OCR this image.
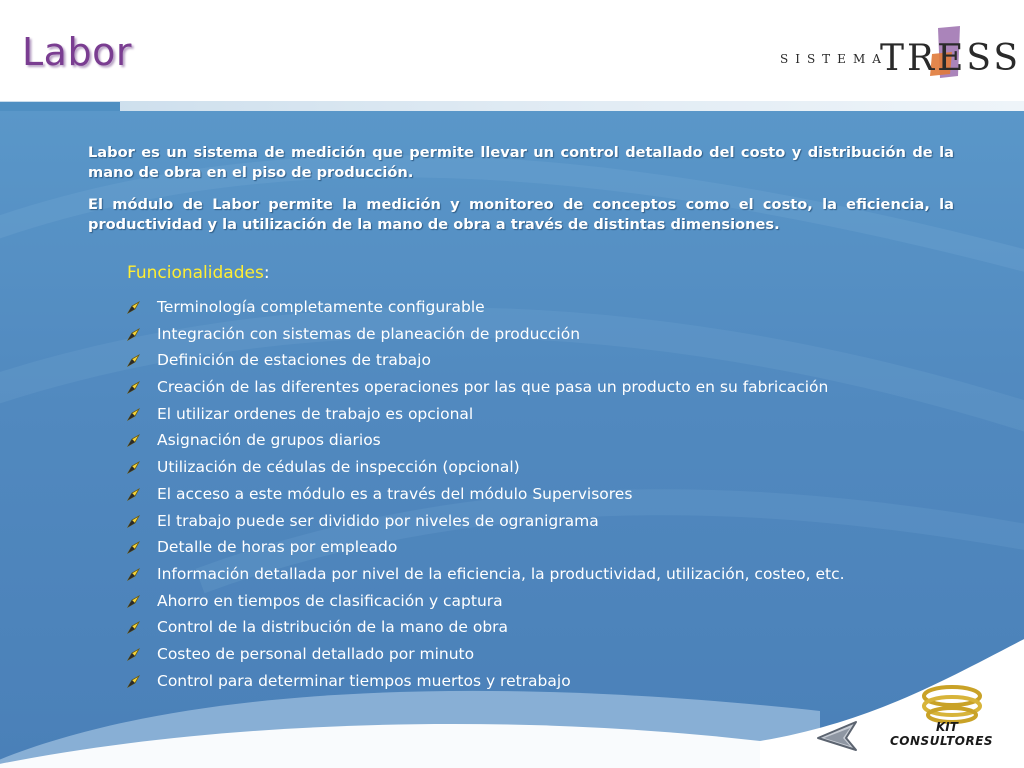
Labor	SISTEMA
TRESS

Labor es un sistema de medición que permite llevar un control detallado del costo y distribución de la mano de obra en el piso de producción.

El módulo de Labor permite la medición y monitoreo de conceptos como el costo, la eficiencia, la productividad y la utilización de la mano de obra a través de distintas dimensiones.

Funcionalidades:
Terminología completamente configurable
Integración con sistemas de planeación de producción
Definición de estaciones de trabajo
Creación de las diferentes operaciones por las que pasa un producto en su fabricación
El utilizar ordenes de trabajo es opcional
Asignación de grupos diarios
Utilización de cédulas de inspección (opcional)
El acceso a este módulo es a través del módulo Supervisores
El trabajo puede ser dividido por niveles de ogranigrama
Detalle de horas por empleado
Información detallada por nivel de la eficiencia, la productividad, utilización, costeo, etc.
Ahorro en tiempos de clasificación y captura
Control de la distribución de la mano de obra
Costeo de personal detallado por minuto
Control para determinar tiempos muertos y retrabajo
KIT
CONSULTORES
